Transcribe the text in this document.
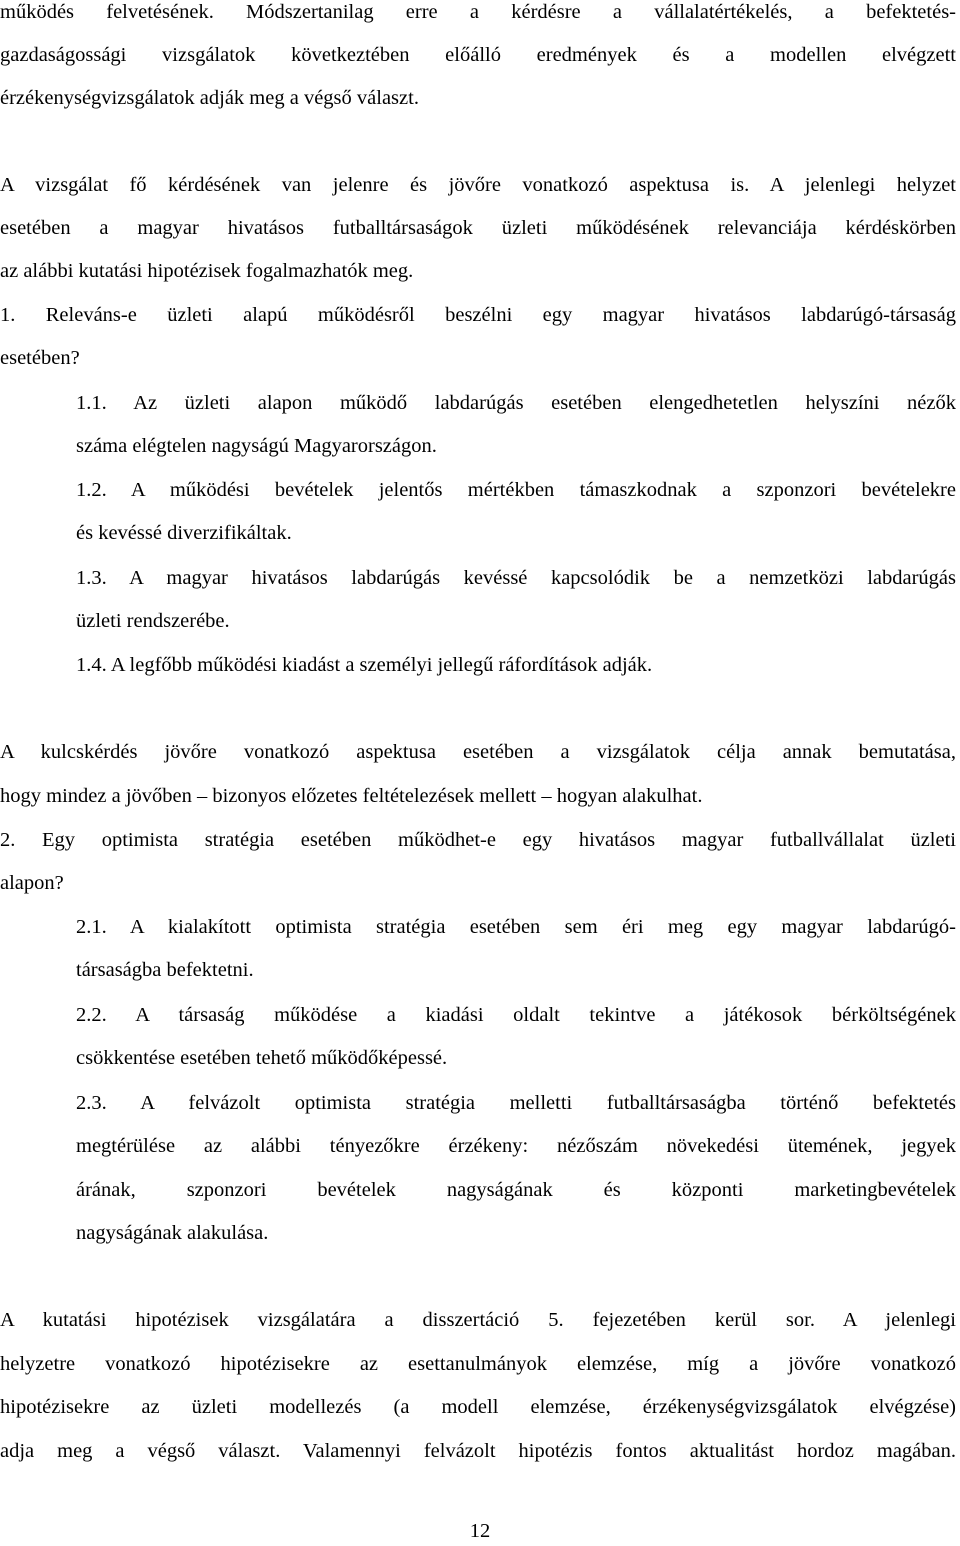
működés felvetésének. Módszertanilag erre a kérdésre a vállalatértékelés, a befektetés-
gazdaságossági vizsgálatok következtében előálló eredmények és a modellen elvégzett
érzékenységvizsgálatok adják meg a végső választ.
A vizsgálat fő kérdésének van jelenre és jövőre vonatkozó aspektusa is. A jelenlegi helyzet
esetében a magyar hivatásos futballtársaságok üzleti működésének relevanciája kérdéskörben
az alábbi kutatási hipotézisek fogalmazhatók meg.
1. Releváns-e üzleti alapú működésről beszélni egy magyar hivatásos labdarúgó-társaság
esetében?
1.1. Az üzleti alapon működő labdarúgás esetében elengedhetetlen helyszíni nézők
száma elégtelen nagyságú Magyarországon.
1.2. A működési bevételek jelentős mértékben támaszkodnak a szponzori bevételekre
és kevéssé diverzifikáltak.
1.3. A magyar hivatásos labdarúgás kevéssé kapcsolódik be a nemzetközi labdarúgás
üzleti rendszerébe.
1.4. A legfőbb működési kiadást a személyi jellegű ráfordítások adják.
A kulcskérdés jövőre vonatkozó aspektusa esetében a vizsgálatok célja annak bemutatása,
hogy mindez a jövőben – bizonyos előzetes feltételezések mellett – hogyan alakulhat.
2. Egy optimista stratégia esetében működhet-e egy hivatásos magyar futballvállalat üzleti
alapon?
2.1. A kialakított optimista stratégia esetében sem éri meg egy magyar labdarúgó-
társaságba befektetni.
2.2. A társaság működése a kiadási oldalt tekintve a játékosok bérköltségének
csökkentése esetében tehető működőképessé.
2.3. A felvázolt optimista stratégia melletti futballtársaságba történő befektetés
megtérülése az alábbi tényezőkre érzékeny: nézőszám növekedési ütemének, jegyek
árának, szponzori bevételek nagyságának és központi marketingbevételek
nagyságának alakulása.
A kutatási hipotézisek vizsgálatára a disszertáció 5. fejezetében kerül sor. A jelenlegi
helyzetre vonatkozó hipotézisekre az esettanulmányok elemzése, míg a jövőre vonatkozó
hipotézisekre az üzleti modellezés (a modell elemzése, érzékenységvizsgálatok elvégzése)
adja meg a végső választ. Valamennyi felvázolt hipotézis fontos aktualitást hordoz magában.
12
